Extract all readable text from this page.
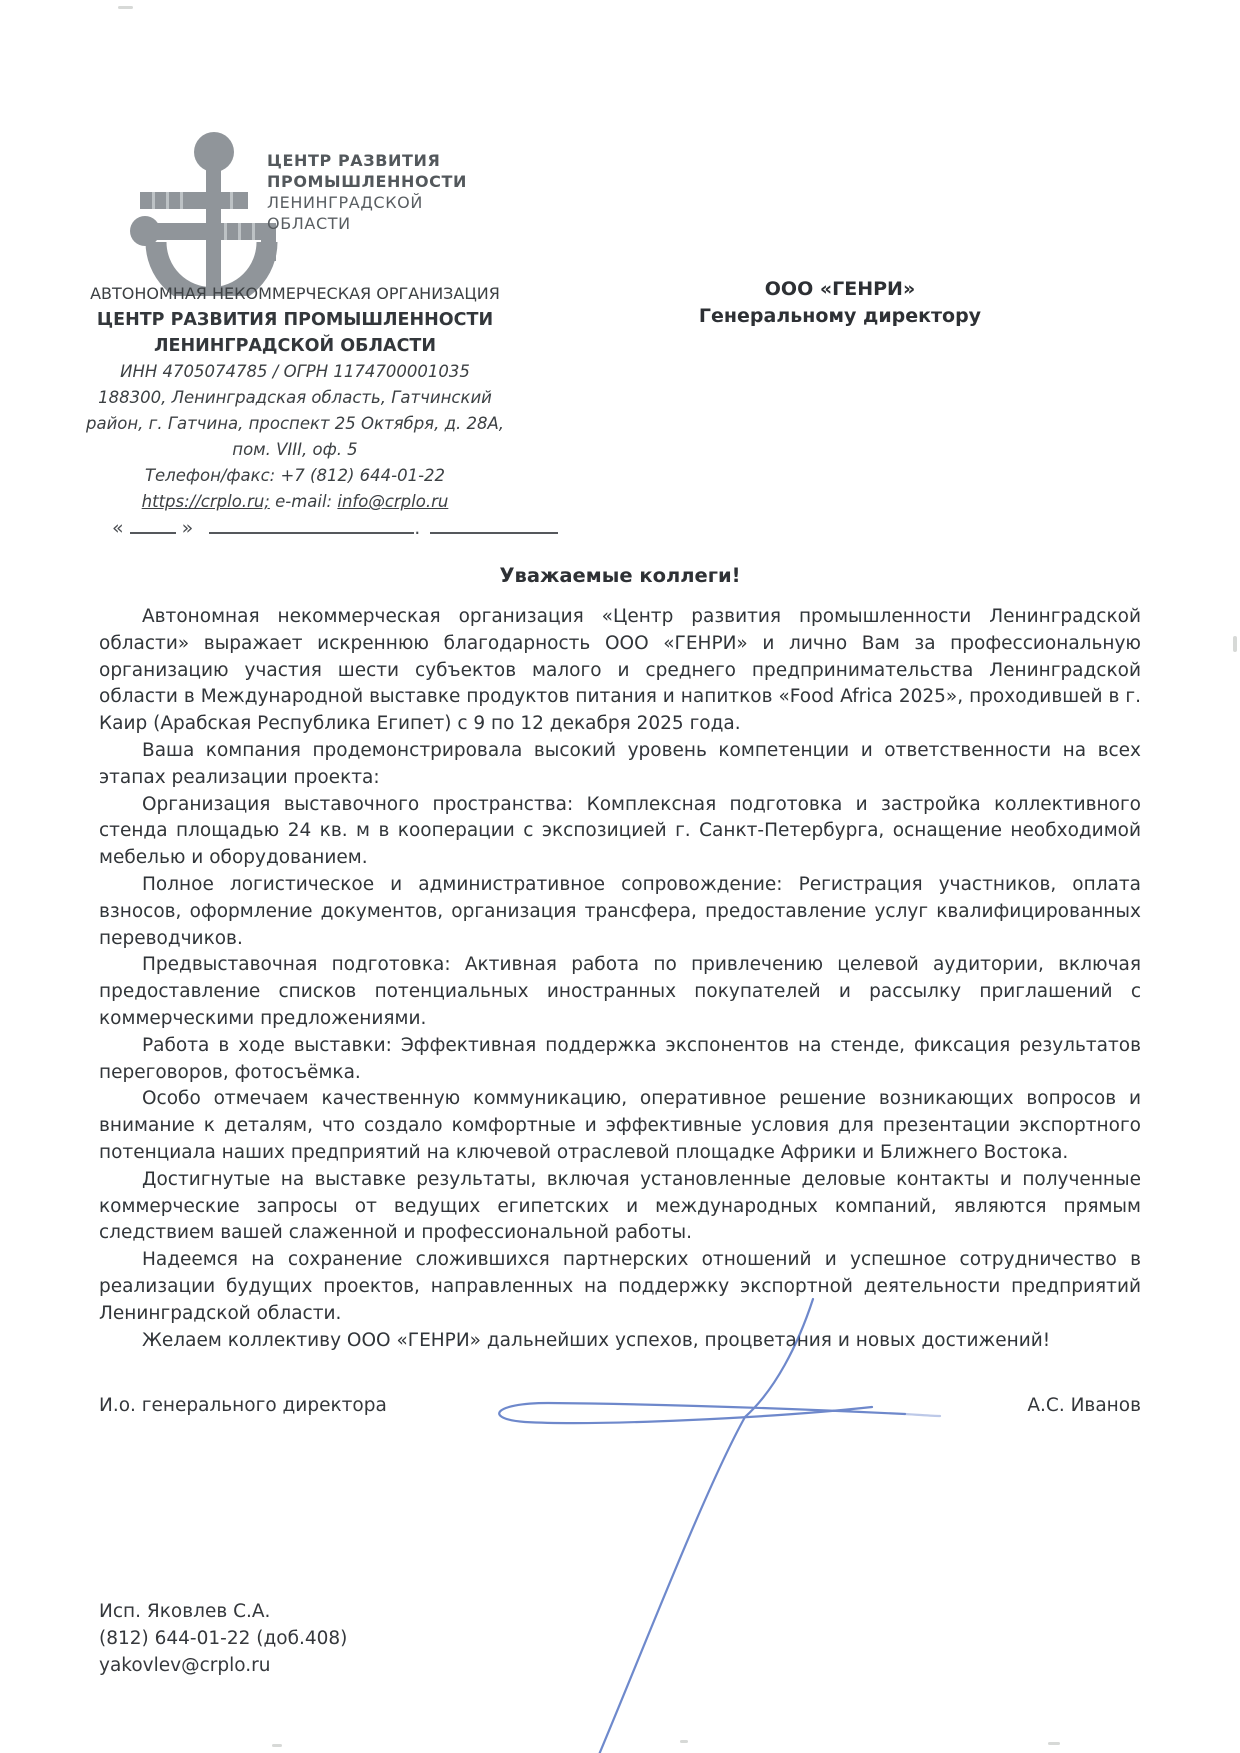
ЦЕНТР РАЗВИТИЯ
ПРОМЫШЛЕННОСТИ
ЛЕНИНГРАДСКОЙ
ОБЛАСТИ
АВТОНОМНАЯ НЕКОММЕРЧЕСКАЯ ОРГАНИЗАЦИЯ
ЦЕНТР РАЗВИТИЯ ПРОМЫШЛЕННОСТИ
ЛЕНИНГРАДСКОЙ ОБЛАСТИ
ИНН 4705074785 / ОГРН 1174700001035
188300, Ленинградская область, Гатчинский
район, г. Гатчина, проспект 25 Октября, д. 28А,
пом. VIII, оф. 5
Телефон/факс: +7 (812) 644-01-22
https://crplo.ru; e-mail: info@crplo.ru
«	»	.
ООО «ГЕНРИ»
Генеральному директору
Уважаемые коллеги!

Автономная некоммерческая организация «Центр развития промышленности Ленинградской области» выражает искреннюю благодарность ООО «ГЕНРИ» и лично Вам за профессиональную организацию участия шести субъектов малого и среднего предпринимательства Ленинградской области в Международной выставке продуктов питания и напитков «Food Africa 2025», проходившей в г. Каир (Арабская Республика Египет) с 9 по 12 декабря 2025 года.

Ваша компания продемонстрировала высокий уровень компетенции и ответственности на всех этапах реализации проекта:

Организация выставочного пространства: Комплексная подготовка и застройка коллективного стенда площадью 24 кв. м в кооперации с экспозицией г. Санкт-Петербурга, оснащение необходимой мебелью и оборудованием.

Полное логистическое и административное сопровождение: Регистрация участников, оплата взносов, оформление документов, организация трансфера, предоставление услуг квалифицированных переводчиков.

Предвыставочная подготовка: Активная работа по привлечению целевой аудитории, включая предоставление списков потенциальных иностранных покупателей и рассылку приглашений с коммерческими предложениями.

Работа в ходе выставки: Эффективная поддержка экспонентов на стенде, фиксация результатов переговоров, фотосъёмка.

Особо отмечаем качественную коммуникацию, оперативное решение возникающих вопросов и внимание к деталям, что создало комфортные и эффективные условия для презентации экспортного потенциала наших предприятий на ключевой отраслевой площадке Африки и Ближнего Востока.

Достигнутые на выставке результаты, включая установленные деловые контакты и полученные коммерческие запросы от ведущих египетских и международных компаний, являются прямым следствием вашей слаженной и профессиональной работы.

Надеемся на сохранение сложившихся партнерских отношений и успешное сотрудничество в реализации будущих проектов, направленных на поддержку экспортной деятельности предприятий Ленинградской области.

Желаем коллективу ООО «ГЕНРИ» дальнейших успехов, процветания и новых достижений!

И.о. генерального директора	А.С. Иванов
Исп. Яковлев С.А.
(812) 644-01-22 (доб.408)
yakovlev@crplo.ru
